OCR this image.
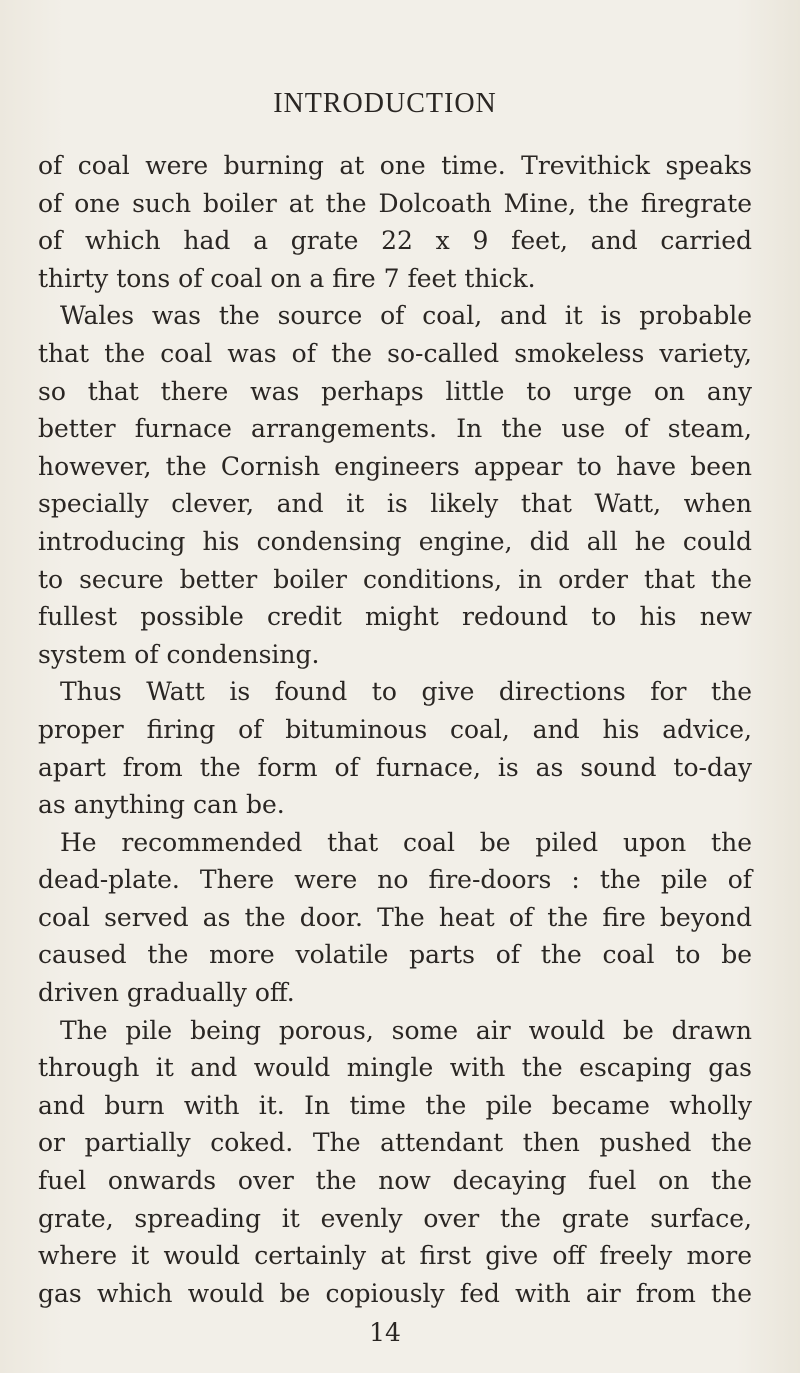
INTRODUCTION
of coal were burning at one time. Trevithick speaks
of one such boiler at the Dolcoath Mine, the firegrate
of which had a grate 22 x 9 feet, and carried
thirty tons of coal on a fire 7 feet thick.
Wales was the source of coal, and it is probable
that the coal was of the so-called smokeless variety,
so that there was perhaps little to urge on any
better furnace arrangements. In the use of steam,
however, the Cornish engineers appear to have been
specially clever, and it is likely that Watt, when
introducing his condensing engine, did all he could
to secure better boiler conditions, in order that the
fullest possible credit might redound to his new
system of condensing.
Thus Watt is found to give directions for the
proper firing of bituminous coal, and his advice,
apart from the form of furnace, is as sound to-day
as anything can be.
He recommended that coal be piled upon the
dead-plate. There were no fire-doors : the pile of
coal served as the door. The heat of the fire beyond
caused the more volatile parts of the coal to be
driven gradually off.
The pile being porous, some air would be drawn
through it and would mingle with the escaping gas
and burn with it. In time the pile became wholly
or partially coked. The attendant then pushed the
fuel onwards over the now decaying fuel on the
grate, spreading it evenly over the grate surface,
where it would certainly at first give off freely more
gas which would be copiously fed with air from the
14
